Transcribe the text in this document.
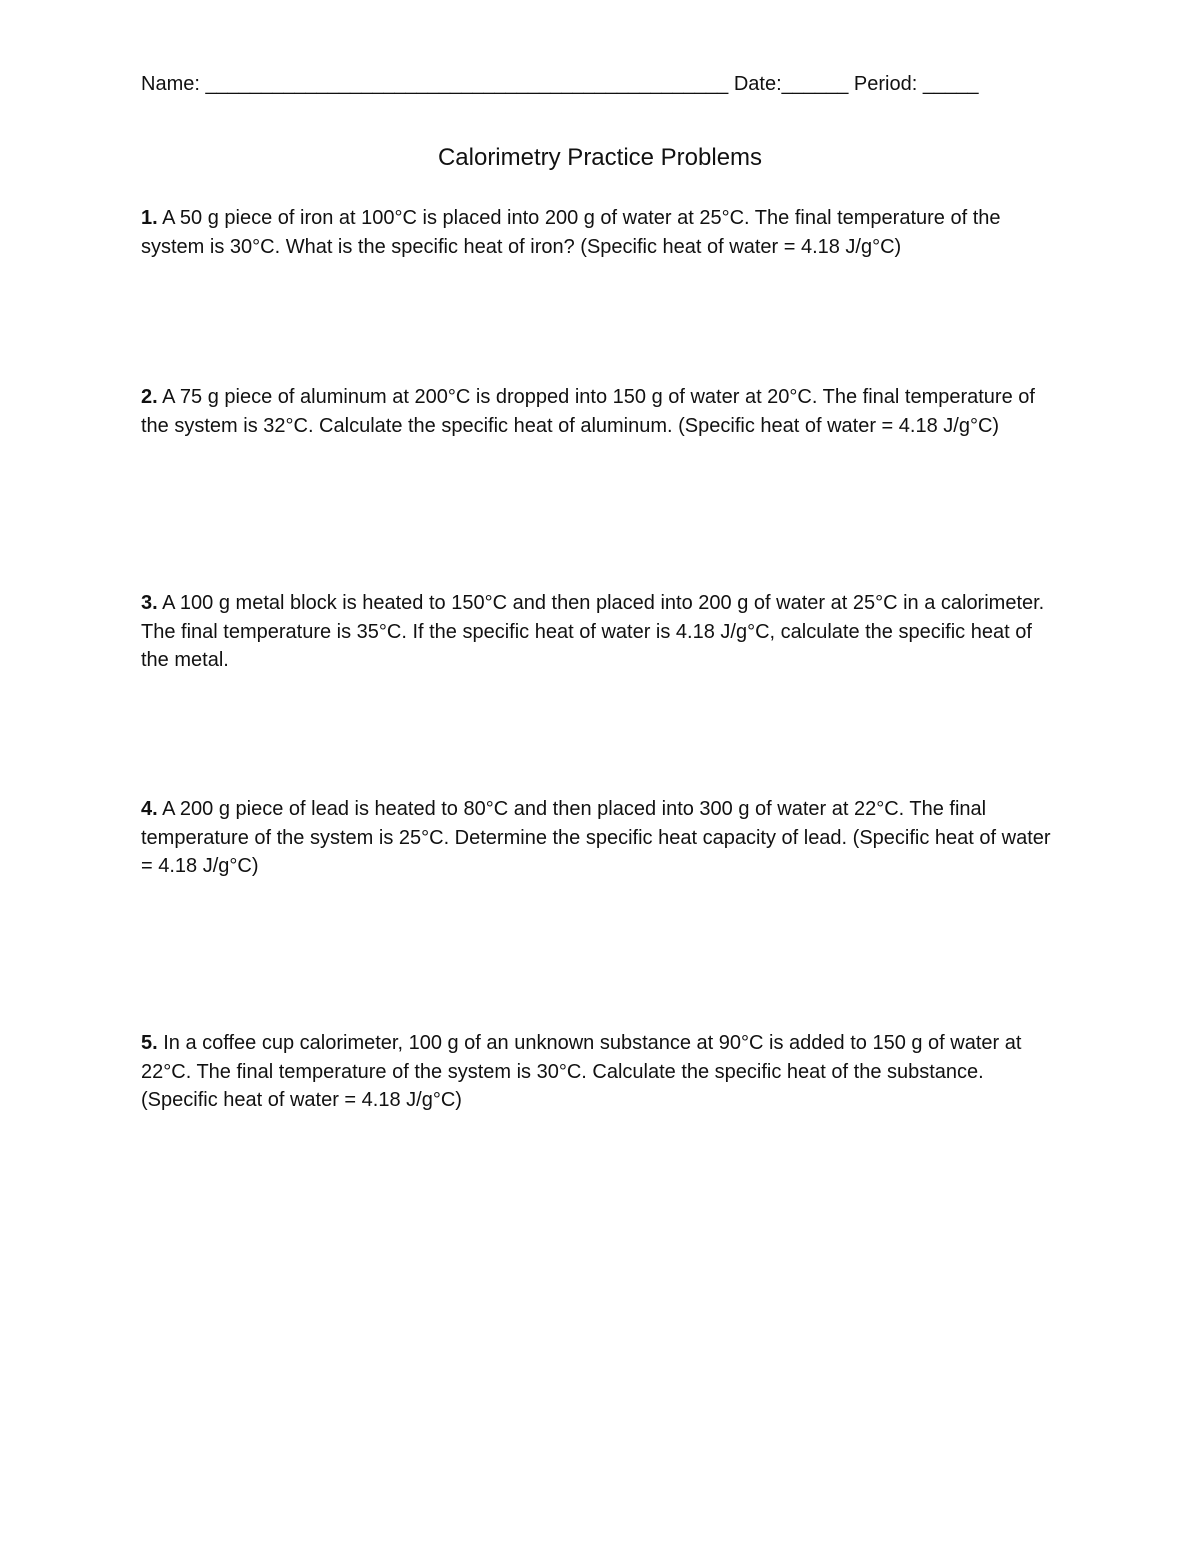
Name: _______________________________________________ Date:______ Period: _____
Calorimetry Practice Problems
1. A 50 g piece of iron at 100°C is placed into 200 g of water at 25°C. The final temperature of the system is 30°C. What is the specific heat of iron? (Specific heat of water = 4.18 J/g°C)
2. A 75 g piece of aluminum at 200°C is dropped into 150 g of water at 20°C. The final temperature of the system is 32°C. Calculate the specific heat of aluminum. (Specific heat of water = 4.18 J/g°C)
3. A 100 g metal block is heated to 150°C and then placed into 200 g of water at 25°C in a calorimeter. The final temperature is 35°C. If the specific heat of water is 4.18 J/g°C, calculate the specific heat of the metal.
4. A 200 g piece of lead is heated to 80°C and then placed into 300 g of water at 22°C. The final temperature of the system is 25°C. Determine the specific heat capacity of lead. (Specific heat of water = 4.18 J/g°C)
5. In a coffee cup calorimeter, 100 g of an unknown substance at 90°C is added to 150 g of water at 22°C. The final temperature of the system is 30°C. Calculate the specific heat of the substance. (Specific heat of water = 4.18 J/g°C)
